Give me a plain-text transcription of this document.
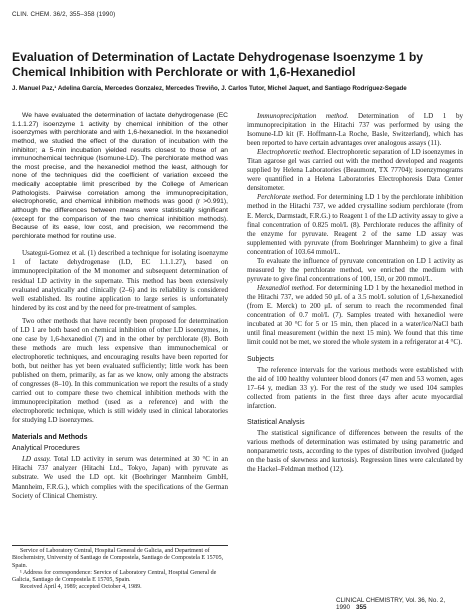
CLIN. CHEM. 36/2, 355–358 (1990)
Evaluation of Determination of Lactate Dehydrogenase Isoenzyme 1 by Chemical Inhibition with Perchlorate or with 1,6-Hexanediol
J. Manuel Paz,¹ Adelina García, Mercedes Gonzalez, Mercedes Treviño, J. Carlos Tutor, Michel Jaquet, and Santiago Rodríguez-Segade

We have evaluated the determination of lactate dehydrogenase (EC 1.1.1.27) isoenzyme 1 activity by chemical inhibition of the other isoenzymes with perchlorate and with 1,6-hexanediol. In the hexanediol method, we studied the effect of the duration of incubation with the inhibitor; a 5-min incubation yielded results closest to those of an immunochemical technique (Isomune-LD). The perchlorate method was the most precise, and the hexanediol method the least, although for none of the techniques did the coefficient of variation exceed the medically acceptable limit prescribed by the College of American Pathologists. Pairwise correlation among the immunoprecipitation, electrophoretic, and chemical inhibition methods was good (r >0.991), although the differences between means were statistically significant (except for the comparison of the two chemical inhibition methods). Because of its ease, low cost, and precision, we recommend the perchlorate method for routine use.

Usategui-Gomez et al. (1) described a technique for isolating isoenzyme 1 of lactate dehydrogenase (LD, EC 1.1.1.27), based on immunoprecipitation of the M monomer and subsequent determination of residual LD activity in the supernate. This method has been extensively evaluated analytically and clinically (2–6) and its reliability is considered well established. Its routine application to large series is unfortunately hindered by its cost and by the need for pre-treatment of samples.

Two other methods that have recently been proposed for determination of LD 1 are both based on chemical inhibition of other LD isoenzymes, in one case by 1,6-hexanediol (7) and in the other by perchlorate (8). Both these methods are much less expensive than immunochemical or electrophoretic techniques, and encouraging results have been reported for both, but neither has yet been evaluated sufficiently; little work has been published on them, primarily, as far as we know, only among the abstracts of congresses (8–10). In this communication we report the results of a study carried out to compare these two chemical inhibition methods with the immunoprecipitation method (used as a reference) and with the electrophoretic technique, which is still widely used in clinical laboratories for studying LD isoenzymes.

Materials and Methods

Analytical Procedures

LD assay. Total LD activity in serum was determined at 30 °C in an Hitachi 737 analyzer (Hitachi Ltd., Tokyo, Japan) with pyruvate as substrate. We used the LD opt. kit (Boehringer Mannheim GmbH, Mannheim, F.R.G.), which complies with the specifications of the German Society of Clinical Chemistry.

Immunoprecipitation method. Determination of LD 1 by immunoprecipitation in the Hitachi 737 was performed by using the Isomune-LD kit (F. Hoffmann-La Roche, Basle, Switzerland), which has been reported to have certain advantages over analogous assays (11).

Electrophoretic method. Electrophoretic separation of LD isoenzymes in Titan agarose gel was carried out with the method developed and reagents supplied by Helena Laboratories (Beaumont, TX 77704); isoenzymograms were quantified in a Helena Laboratories Electrophoresis Data Center densitometer.

Perchlorate method. For determining LD 1 by the perchlorate inhibition method in the Hitachi 737, we added crystalline sodium perchlorate (from E. Merck, Darmstadt, F.R.G.) to Reagent 1 of the LD activity assay to give a final concentration of 0.825 mol/L (8). Perchlorate reduces the affinity of the enzyme for pyruvate. Reagent 2 of the same LD assay was supplemented with pyruvate (from Boehringer Mannheim) to give a final concentration of 103.64 mmol/L.

To evaluate the influence of pyruvate concentration on LD 1 activity as measured by the perchlorate method, we enriched the medium with pyruvate to give final concentrations of 100, 150, or 200 mmol/L.

Hexanediol method. For determining LD 1 by the hexanediol method in the Hitachi 737, we added 50 μL of a 3.5 mol/L solution of 1,6-hexanediol (from E. Merck) to 200 μL of serum to reach the recommended final concentration of 0.7 mol/L (7). Samples treated with hexanediol were incubated at 30 °C for 5 or 15 min, then placed in a water/ice/NaCl bath until final measurement (within the next 15 min). We found that this time limit could not be met, we stored the whole system in a refrigerator at 4 °C).

Subjects

The reference intervals for the various methods were established with the aid of 100 healthy volunteer blood donors (47 men and 53 women, ages 17–64 y, median 33 y). For the rest of the study we used 104 samples collected from patients in the first three days after acute myocardial infarction.

Statistical Analysis

The statistical significance of differences between the results of the various methods of determination was estimated by using parametric and nonparametric tests, according to the types of distribution involved (judged on the basis of skewness and kurtosis). Regression lines were calculated by the Hackel–Feldman method (12).

Service of Laboratory Central, Hospital General de Galicia, and Department of Biochemistry, University of Santiago de Compostela, Santiago de Compostela E 15705, Spain.

¹ Address for correspondence: Service of Laboratory Central, Hospital General de Galicia, Santiago de Compostela E 15705, Spain.

Received April 4, 1989; accepted October 4, 1989.

CLINICAL CHEMISTRY, Vol. 36, No. 2, 1990 355
